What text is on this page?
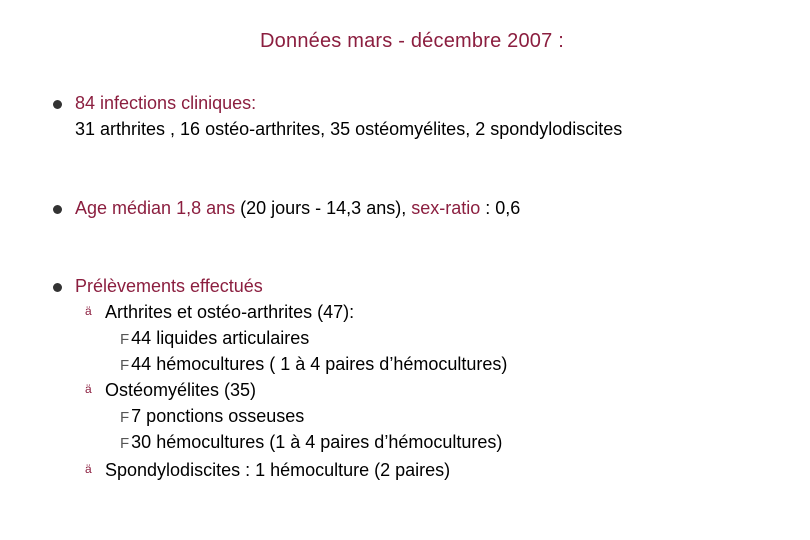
Données mars - décembre 2007 :
84 infections cliniques:
31 arthrites , 16 ostéo-arthrites, 35 ostéomyélites, 2 spondylodiscites
Age médian 1,8 ans (20 jours - 14,3 ans), sex-ratio : 0,6
Prélèvements effectués
ä Arthrites et ostéo-arthrites (47):
F 44 liquides articulaires
F 44 hémocultures ( 1 à 4 paires d’hémocultures)
ä Ostéomyélites (35)
F 7 ponctions osseuses
F 30 hémocultures (1 à 4 paires d’hémocultures)
ä Spondylodiscites : 1 hémoculture (2 paires)
